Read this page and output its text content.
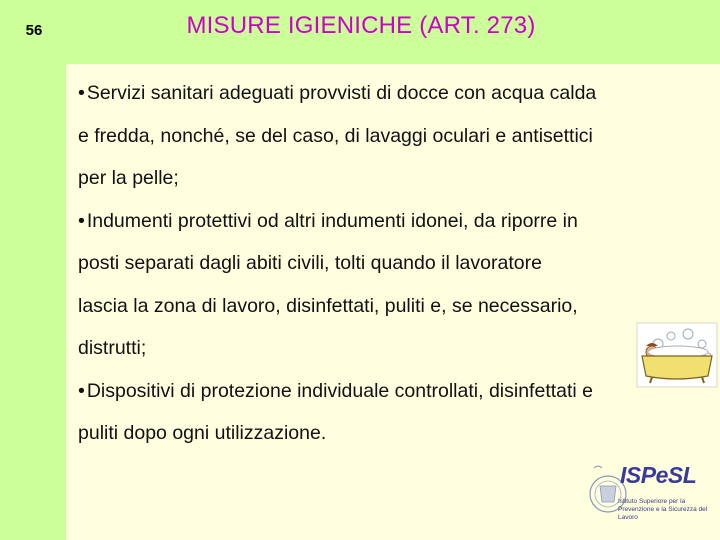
56	MISURE IGIENICHE (ART. 273)

• Servizi sanitari adeguati provvisti di docce con acqua calda

e fredda, nonché, se del caso, di lavaggi oculari e antisettici

per la pelle;

• Indumenti protettivi od altri indumenti idonei, da riporre in

posti separati dagli abiti civili, tolti quando il lavoratore

lascia la zona di lavoro, disinfettati, puliti e, se necessario,

distrutti;

• Dispositivi di protezione individuale controllati, disinfettati e

puliti dopo ogni utilizzazione.

ISPeSL
Istituto Superiore per la Prevenzione e la Sicurezza del Lavoro
